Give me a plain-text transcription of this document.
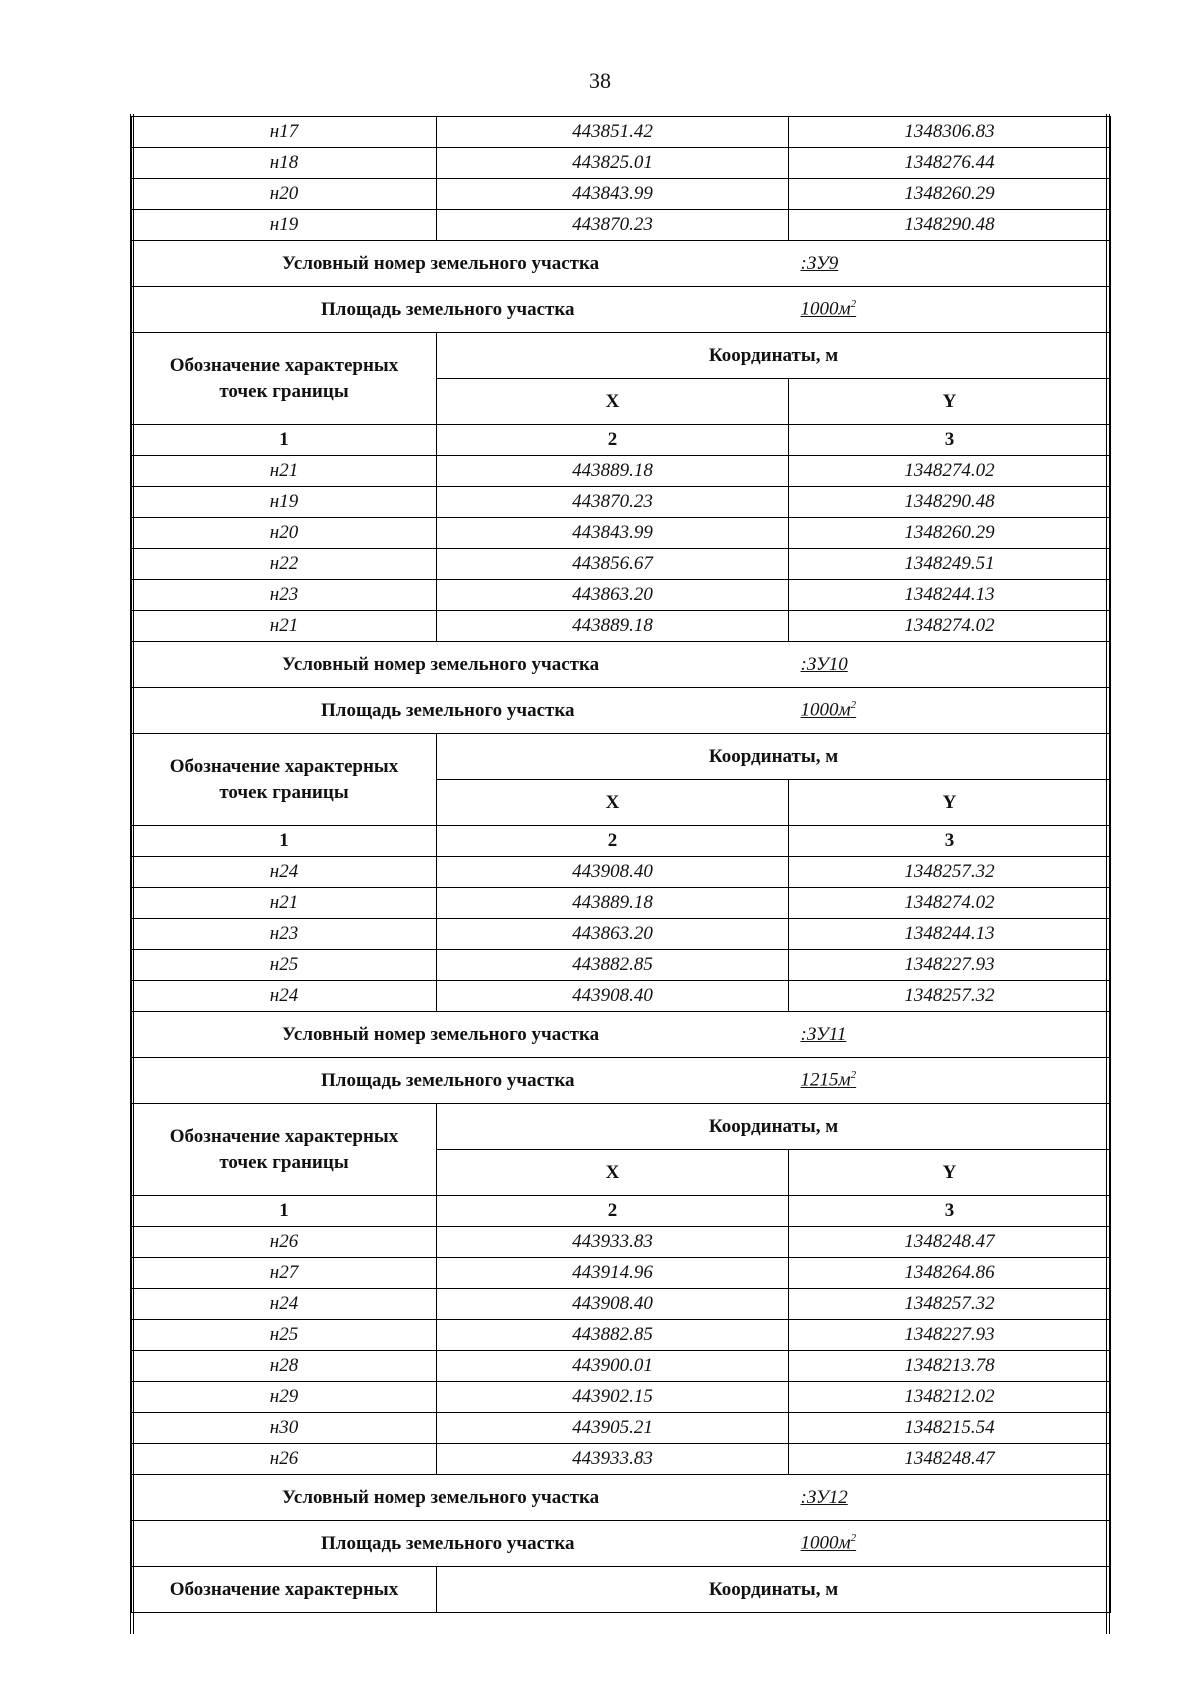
38
н17	443851.42	1348306.83
н18	443825.01	1348276.44
н20	443843.99	1348260.29
н19	443870.23	1348290.48
Условный номер земельного участка		:ЗУ9
Площадь земельного участка		$1000м^2$
Обозначение характерных
точек границы	Координаты, м	
	X	Y
1	2	3
н21	443889.18	1348274.02
н19	443870.23	1348290.48
н20	443843.99	1348260.29
н22	443856.67	1348249.51
н23	443863.20	1348244.13
н21	443889.18	1348274.02
Условный номер земельного участка		:ЗУ10
Площадь земельного участка		$1000м^2$
Обозначение характерных
точек границы	Координаты, м	
	X	Y
1	2	3
н24	443908.40	1348257.32
н21	443889.18	1348274.02
н23	443863.20	1348244.13
н25	443882.85	1348227.93
н24	443908.40	1348257.32
Условный номер земельного участка		:ЗУ11
Площадь земельного участка		$1215м^2$
Обозначение характерных
точек границы	Координаты, м	
	X	Y
1	2	3
н26	443933.83	1348248.47
н27	443914.96	1348264.86
н24	443908.40	1348257.32
н25	443882.85	1348227.93
н28	443900.01	1348213.78
н29	443902.15	1348212.02
н30	443905.21	1348215.54
н26	443933.83	1348248.47
Условный номер земельного участка		:ЗУ12
Площадь земельного участка		$1000м^2$
Обозначение характерных	Координаты, м	
